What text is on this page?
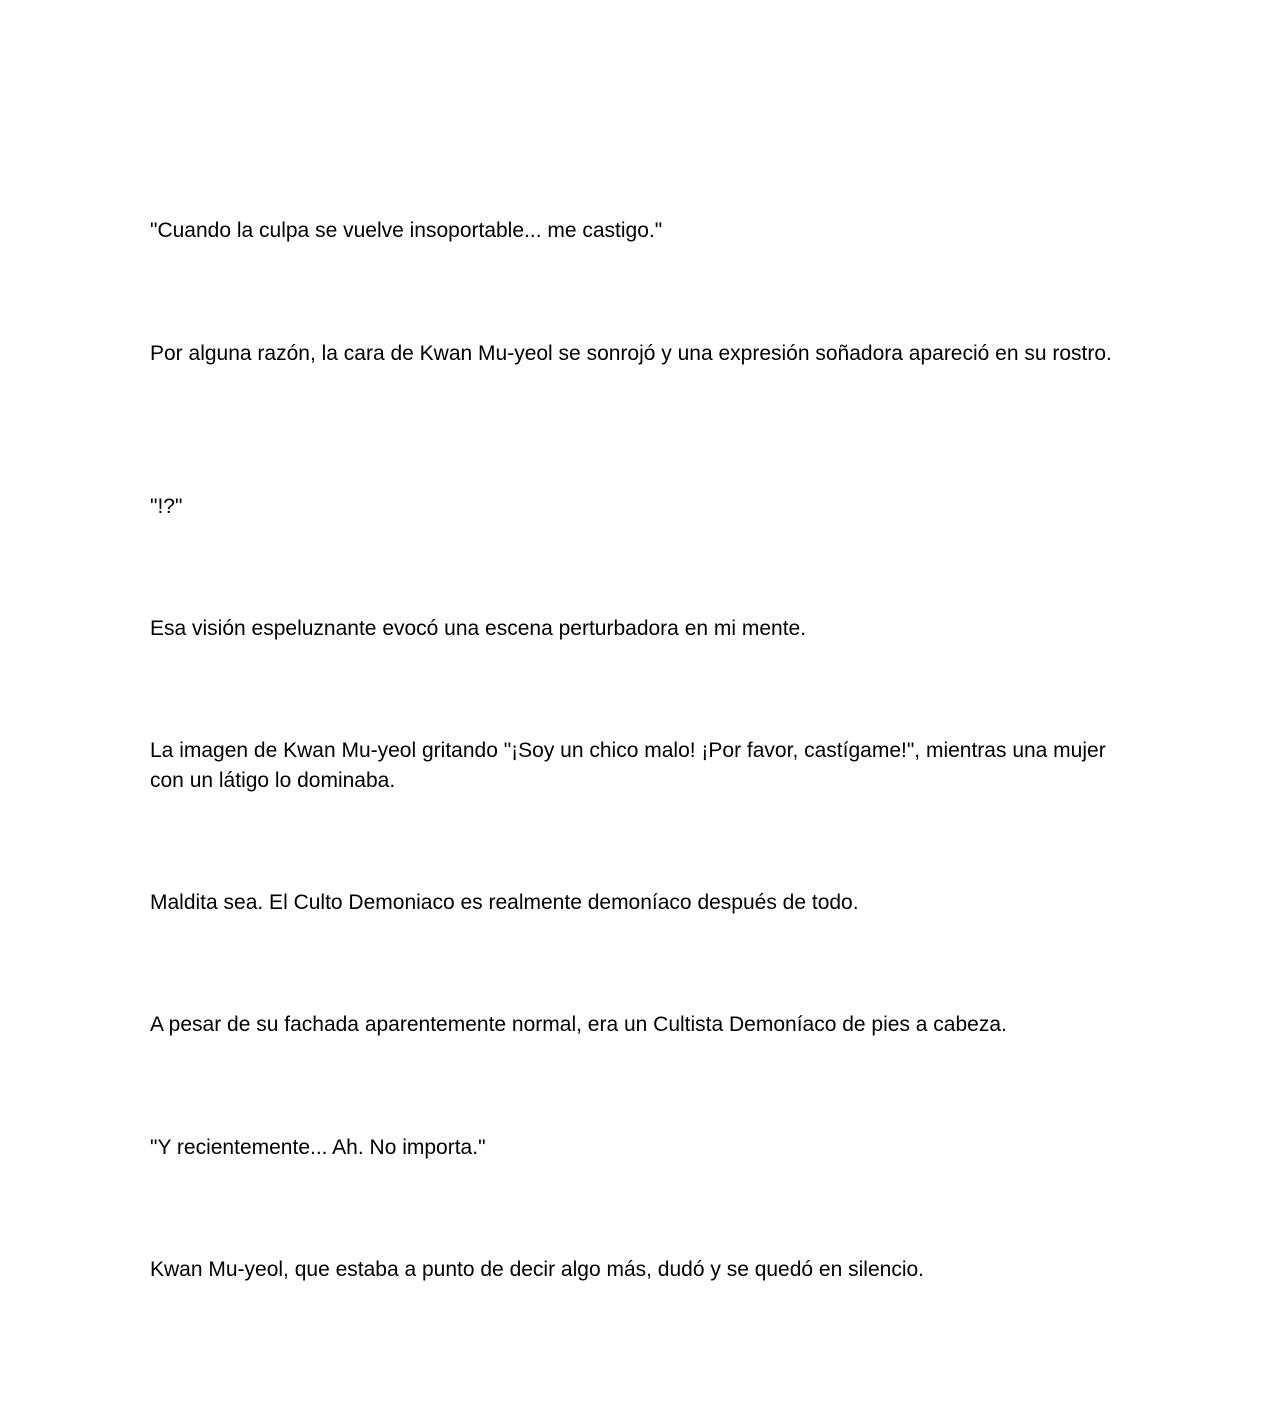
"Cuando la culpa se vuelve insoportable... me castigo."

Por alguna razón, la cara de Kwan Mu-yeol se sonrojó y una expresión soñadora apareció en su rostro.

"!?"

Esa visión espeluznante evocó una escena perturbadora en mi mente.

La imagen de Kwan Mu-yeol gritando "¡Soy un chico malo! ¡Por favor, castígame!", mientras una mujer con un látigo lo dominaba.

Maldita sea. El Culto Demoniaco es realmente demoníaco después de todo.

A pesar de su fachada aparentemente normal, era un Cultista Demoníaco de pies a cabeza.

"Y recientemente... Ah. No importa."

Kwan Mu-yeol, que estaba a punto de decir algo más, dudó y se quedó en silencio.
